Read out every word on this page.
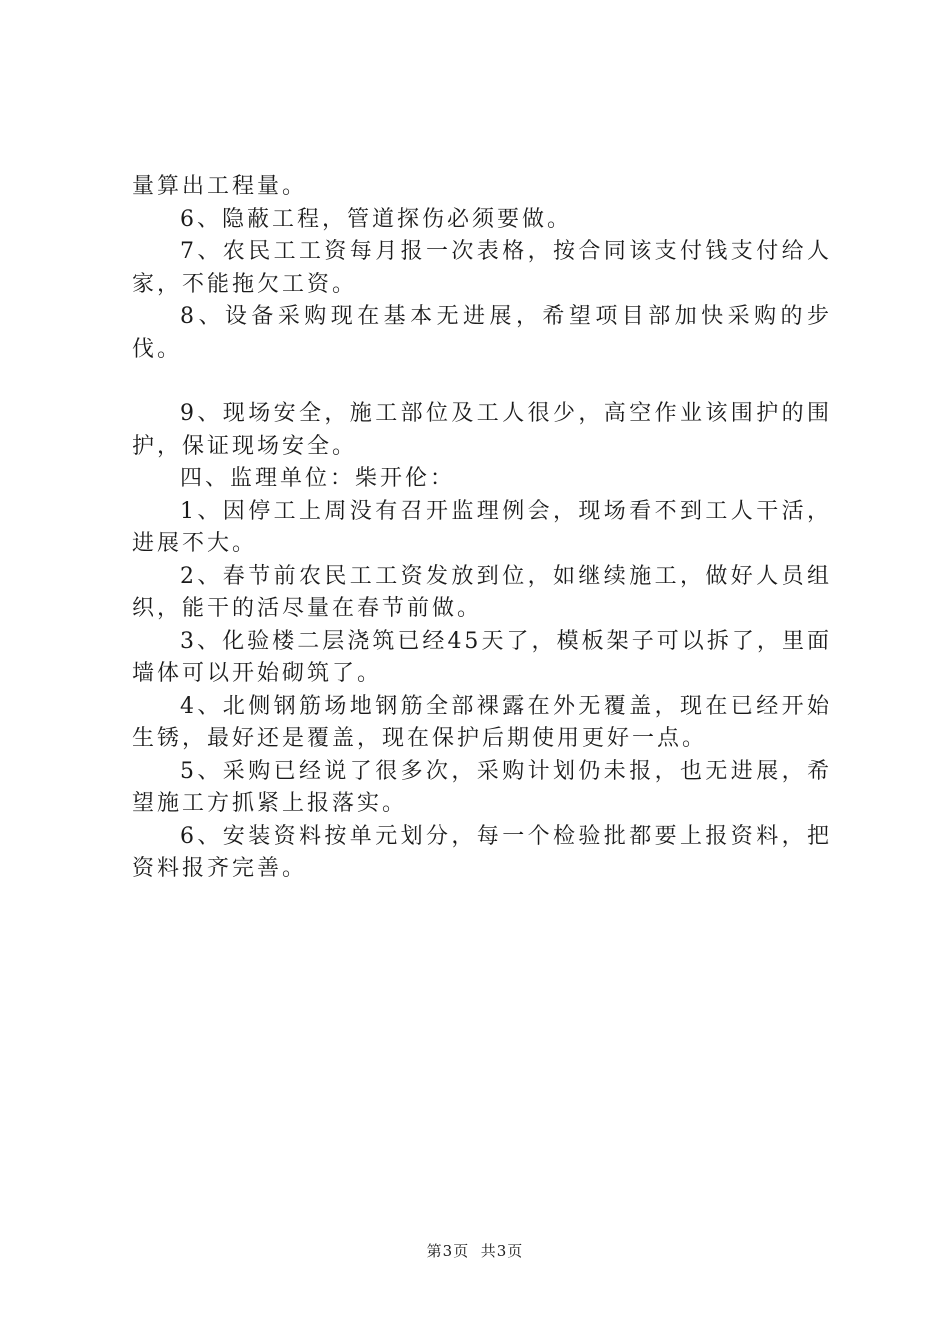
量算出工程量。

6、隐蔽工程，管道探伤必须要做。

7、农民工工资每月报一次表格，按合同该支付钱支付给人家，不能拖欠工资。

8、设备采购现在基本无进展，希望项目部加快采购的步伐。

9、现场安全，施工部位及工人很少，高空作业该围护的围护，保证现场安全。

四、监理单位：柴开伦：

1、因停工上周没有召开监理例会，现场看不到工人干活，进展不大。

2、春节前农民工工资发放到位，如继续施工，做好人员组织，能干的活尽量在春节前做。

3、化验楼二层浇筑已经45天了，模板架子可以拆了，里面墙体可以开始砌筑了。

4、北侧钢筋场地钢筋全部裸露在外无覆盖，现在已经开始生锈，最好还是覆盖，现在保护后期使用更好一点。

5、采购已经说了很多次，采购计划仍未报，也无进展，希望施工方抓紧上报落实。

6、安装资料按单元划分，每一个检验批都要上报资料，把资料报齐完善。

第3页 共3页
